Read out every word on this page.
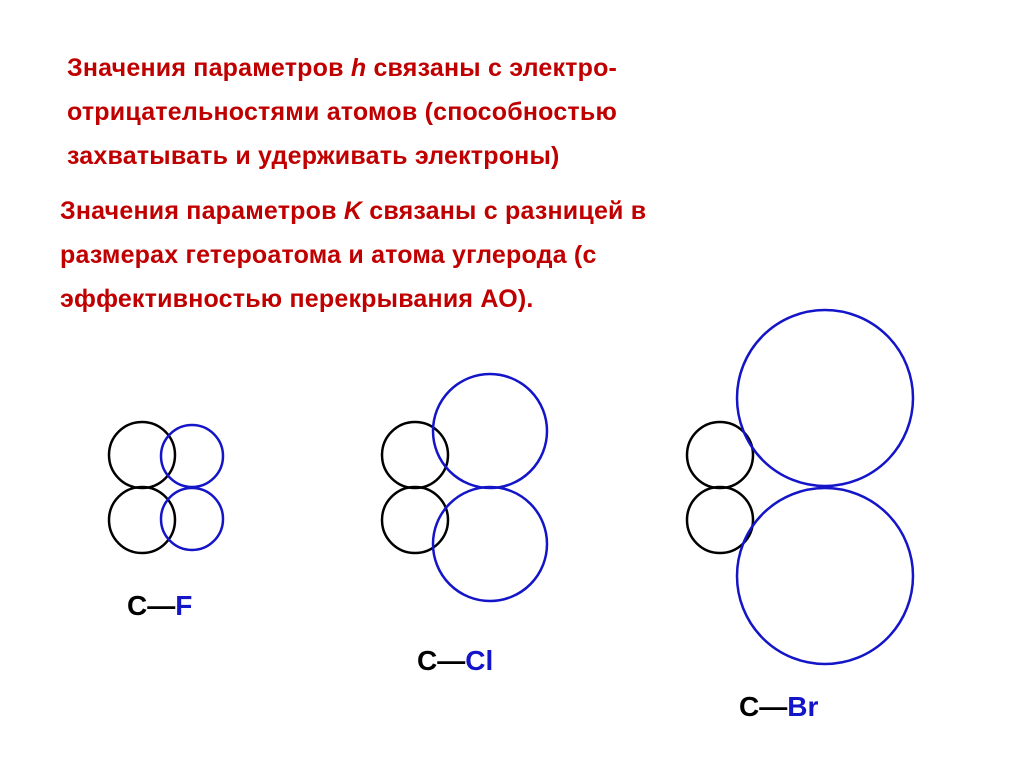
Значения параметров h связаны с электро-
отрицательностями атомов (способностью
захватывать и удерживать электроны)
Значения параметров K связаны с разницей в
размерах гетероатома и атома углерода (с
эффективностью перекрывания АО).
C—F
C—Cl
C—Br
